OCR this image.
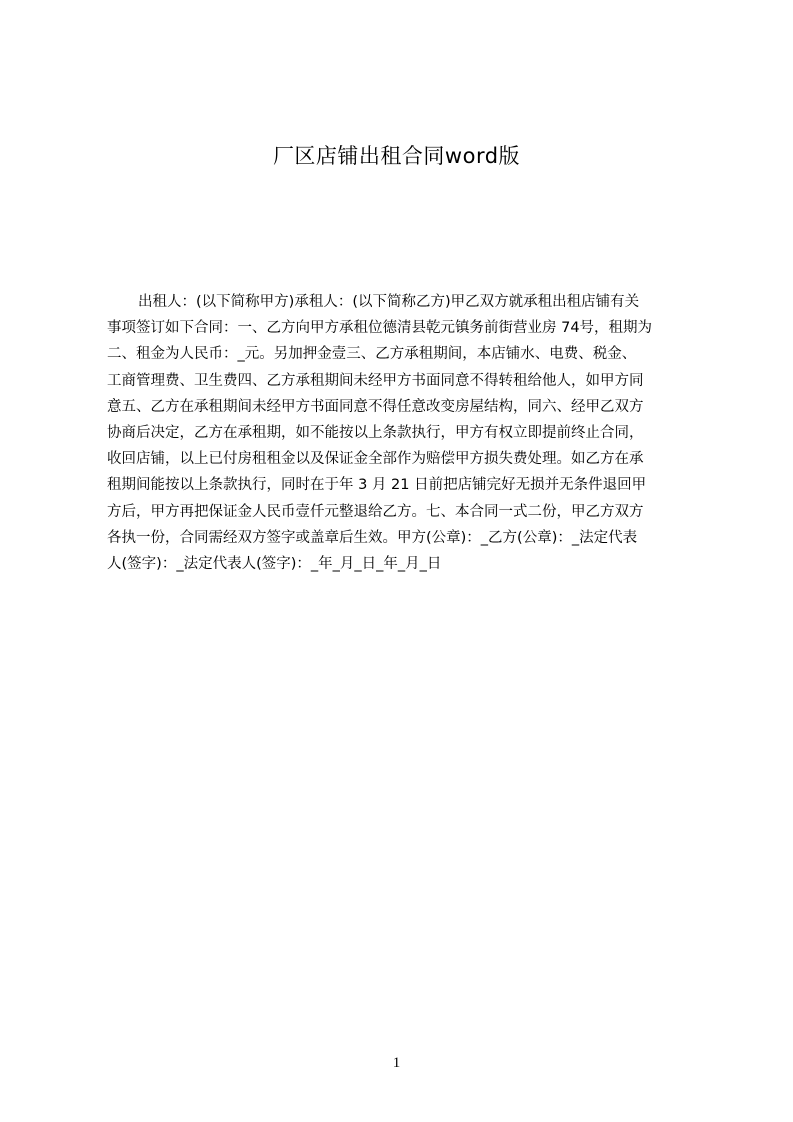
厂区店铺出租合同word版
出租人：(以下简称甲方)承租人：(以下简称乙方)甲乙双方就承租出租店铺有关
事项签订如下合同：一、乙方向甲方承租位德清县乾元镇务前街营业房 74号，租期为
二、租金为人民币：_元。另加押金壹三、乙方承租期间，本店铺水、电费、税金、
工商管理费、卫生费四、乙方承租期间未经甲方书面同意不得转租给他人，如甲方同
意五、乙方在承租期间未经甲方书面同意不得任意改变房屋结构，同六、经甲乙双方
协商后决定，乙方在承租期，如不能按以上条款执行，甲方有权立即提前终止合同，
收回店铺，以上已付房租租金以及保证金全部作为赔偿甲方损失费处理。如乙方在承
租期间能按以上条款执行，同时在于年 3 月 21 日前把店铺完好无损并无条件退回甲
方后，甲方再把保证金人民币壹仟元整退给乙方。七、本合同一式二份，甲乙方双方
各执一份，合同需经双方签字或盖章后生效。甲方(公章)：_乙方(公章)：_法定代表
人(签字)：_法定代表人(签字)：_年_月_日_年_月_日
1
